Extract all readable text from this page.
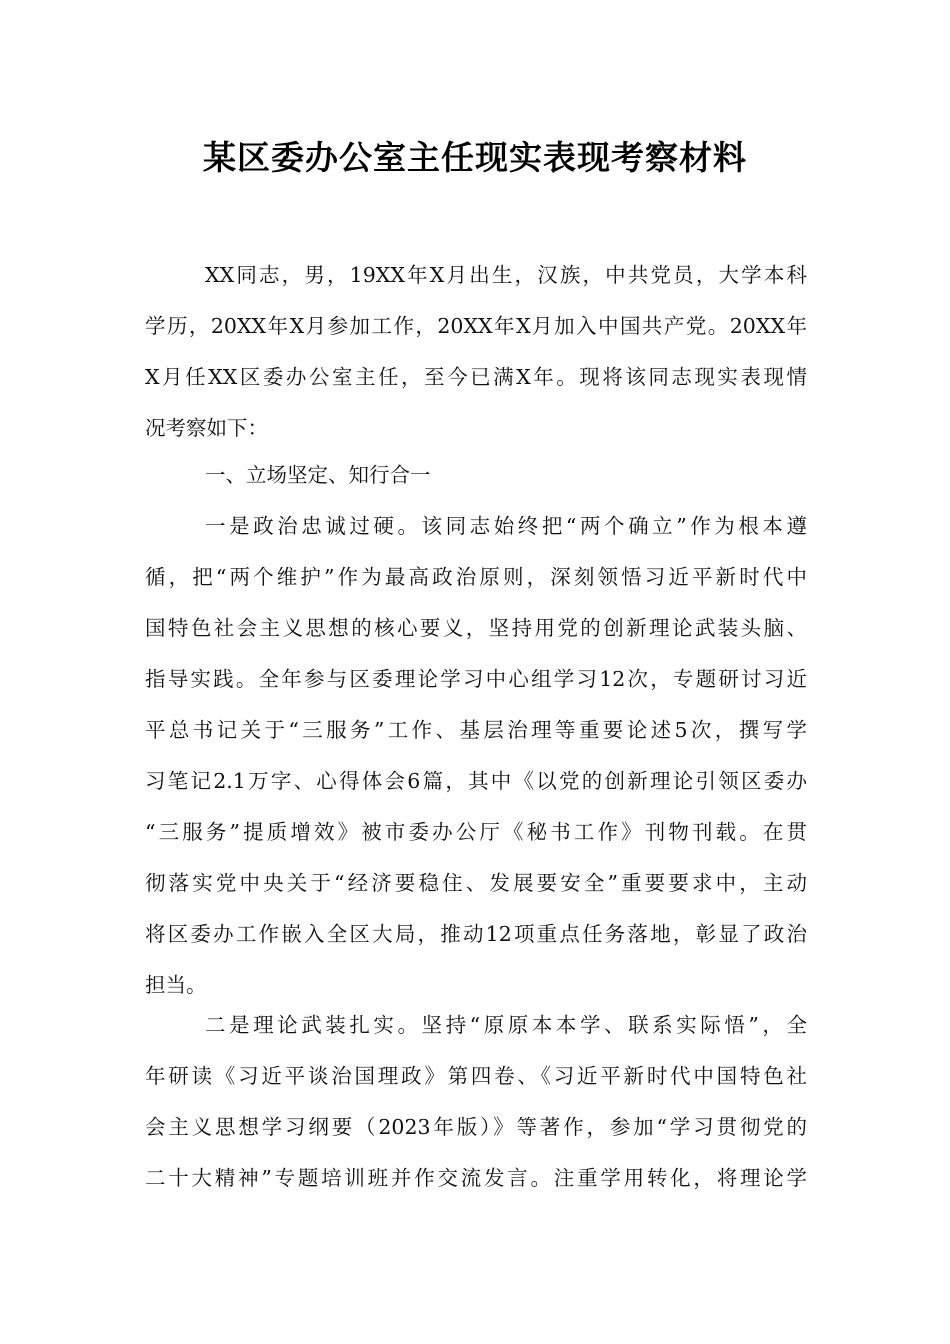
某区委办公室主任现实表现考察材料
XX同志，男，19XX年X月出生，汉族，中共党员，大学本科
学历，20XX年X月参加工作，20XX年X月加入中国共产党。20XX年
X月任XX区委办公室主任，至今已满X年。现将该同志现实表现情
况考察如下：
一、立场坚定、知行合一
一是政治忠诚过硬。该同志始终把“两个确立”作为根本遵
循，把“两个维护”作为最高政治原则，深刻领悟习近平新时代中
国特色社会主义思想的核心要义，坚持用党的创新理论武装头脑、
指导实践。全年参与区委理论学习中心组学习12次，专题研讨习近
平总书记关于“三服务”工作、基层治理等重要论述5次，撰写学
习笔记2.1万字、心得体会6篇，其中《以党的创新理论引领区委办
“三服务”提质增效》被市委办公厅《秘书工作》刊物刊载。在贯
彻落实党中央关于“经济要稳住、发展要安全”重要要求中，主动
将区委办工作嵌入全区大局，推动12项重点任务落地，彰显了政治
担当。
二是理论武装扎实。坚持“原原本本学、联系实际悟”，全
年研读《习近平谈治国理政》第四卷、《习近平新时代中国特色社
会主义思想学习纲要（2023年版）》等著作，参加“学习贯彻党的
二十大精神”专题培训班并作交流发言。注重学用转化，将理论学
